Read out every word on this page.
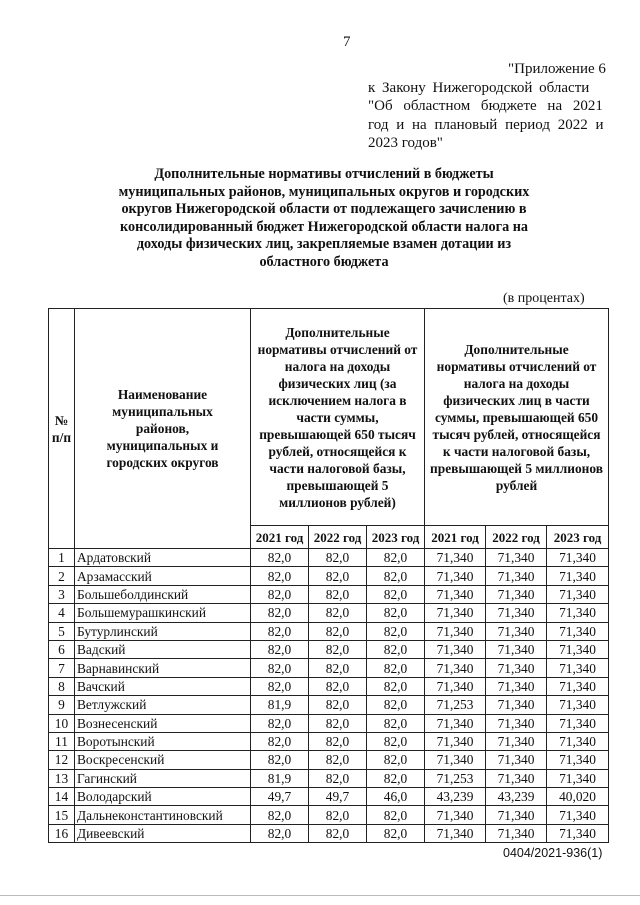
7
"Приложение 6
к Закону Нижегородской области
"Об областном бюджете на 2021
год и на плановый период 2022 и
2023 годов"
Дополнительные нормативы отчислений в бюджеты муниципальных районов, муниципальных округов и городских округов Нижегородской области от подлежащего зачислению в консолидированный бюджет Нижегородской области налога на доходы физических лиц, закрепляемые взамен дотации из областного бюджета
(в процентах)
№ п/п	Наименование муниципальных районов, муниципальных и городских округов	Дополнительные нормативы отчислений от налога на доходы физических лиц (за исключением налога в части суммы, превышающей 650 тысяч рублей, относящейся к части налоговой базы, превышающей 5 миллионов рублей)			Дополнительные нормативы отчислений от налога на доходы физических лиц в части суммы, превышающей 650 тысяч рублей, относящейся к части налоговой базы, превышающей 5 миллионов рублей		
		2021 год	2022 год	2023 год	2021 год	2022 год	2023 год
1	Ардатовский	82,0	82,0	82,0	71,340	71,340	71,340
2	Арзамасский	82,0	82,0	82,0	71,340	71,340	71,340
3	Большеболдинский	82,0	82,0	82,0	71,340	71,340	71,340
4	Большемурашкинский	82,0	82,0	82,0	71,340	71,340	71,340
5	Бутурлинский	82,0	82,0	82,0	71,340	71,340	71,340
6	Вадский	82,0	82,0	82,0	71,340	71,340	71,340
7	Варнавинский	82,0	82,0	82,0	71,340	71,340	71,340
8	Вачский	82,0	82,0	82,0	71,340	71,340	71,340
9	Ветлужский	81,9	82,0	82,0	71,253	71,340	71,340
10	Вознесенский	82,0	82,0	82,0	71,340	71,340	71,340
11	Воротынский	82,0	82,0	82,0	71,340	71,340	71,340
12	Воскресенский	82,0	82,0	82,0	71,340	71,340	71,340
13	Гагинский	81,9	82,0	82,0	71,253	71,340	71,340
14	Володарский	49,7	49,7	46,0	43,239	43,239	40,020
15	Дальнеконстантиновский	82,0	82,0	82,0	71,340	71,340	71,340
16	Дивеевский	82,0	82,0	82,0	71,340	71,340	71,340
0404/2021-936(1)
